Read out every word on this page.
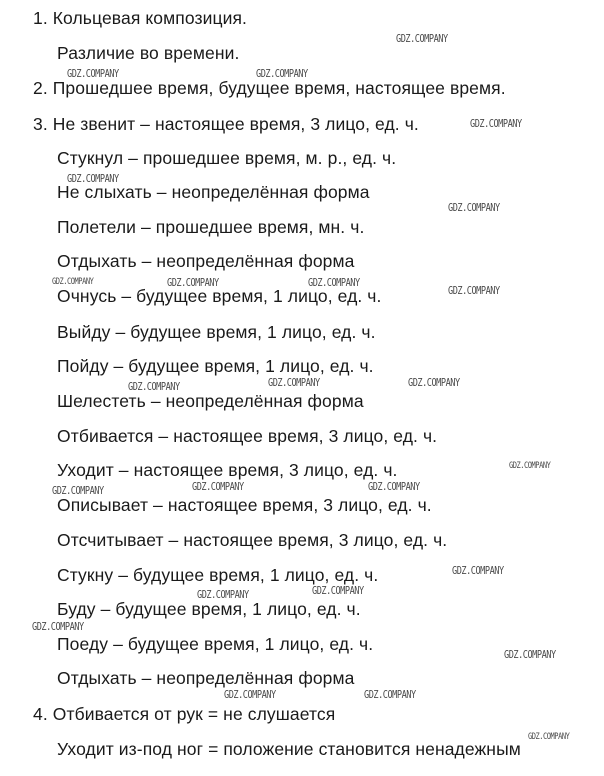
1. Кольцевая композиция.
Различие во времени.
2. Прошедшее время, будущее время, настоящее время.
3. Не звенит – настоящее время, 3 лицо, ед. ч.
Стукнул – прошедшее время, м. р., ед. ч.
Не слыхать – неопределённая форма
Полетели – прошедшее время, мн. ч.
Отдыхать – неопределённая форма
Очнусь – будущее время, 1 лицо, ед. ч.
Выйду – будущее время, 1 лицо, ед. ч.
Пойду – будущее время, 1 лицо, ед. ч.
Шелестеть – неопределённая форма
Отбивается – настоящее время, 3 лицо, ед. ч.
Уходит – настоящее время, 3 лицо, ед. ч.
Описывает – настоящее время, 3 лицо, ед. ч.
Отсчитывает – настоящее время, 3 лицо, ед. ч.
Стукну – будущее время, 1 лицо, ед. ч.
Буду – будущее время, 1 лицо, ед. ч.
Поеду – будущее время, 1 лицо, ед. ч.
Отдыхать – неопределённая форма
4. Отбивается от рук = не слушается
Уходит из-под ног = положение становится ненадежным
GDZ.COMPANY
GDZ.COMPANY	GDZ.COMPANY
GDZ.COMPANY
GDZ.COMPANY
GDZ.COMPANY
GDZ.COMPANY	GDZ.COMPANY	GDZ.COMPANY
GDZ.COMPANY
GDZ.COMPANY	GDZ.COMPANY	GDZ.COMPANY
GDZ.COMPANY
GDZ.COMPANY	GDZ.COMPANY	GDZ.COMPANY
GDZ.COMPANY
GDZ.COMPANY	GDZ.COMPANY
GDZ.COMPANY
GDZ.COMPANY
GDZ.COMPANY	GDZ.COMPANY
GDZ.COMPANY
